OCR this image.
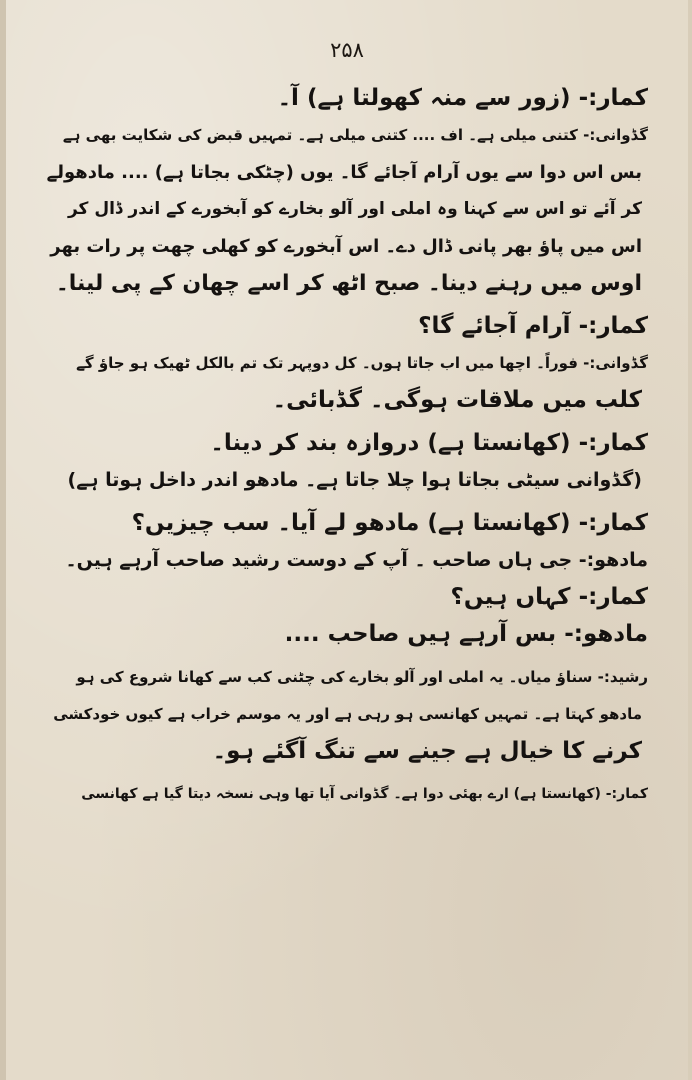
۲۵۸

کمار:- (زور سے منہ کھولتا ہے) آ۔

گڈوانی:- کتنی میلی ہے۔ اف .... کتنی میلی ہے۔ تمہیں قبض کی شکایت بھی ہے

بس اس دوا سے یوں آرام آجائے گا۔ یوں (چٹکی بجاتا ہے) .... مادھولے

کر آئے تو اس سے کہنا وہ املی اور آلو بخارے کو آبخورے کے اندر ڈال کر

اس میں پاؤ بھر پانی ڈال دے۔ اس آبخورے کو کھلی چھت پر رات بھر

اوس میں رہنے دینا۔ صبح اٹھ کر اسے چھان کے پی لینا۔

کمار:- آرام آجائے گا؟

گڈوانی:- فوراً۔ اچھا میں اب جاتا ہوں۔ کل دوپہر تک تم بالکل ٹھیک ہو جاؤ گے

کلب میں ملاقات ہوگی۔ گڈبائی۔

کمار:- (کھانستا ہے) دروازہ بند کر دینا۔

(گڈوانی سیٹی بجاتا ہوا چلا جاتا ہے۔ مادھو اندر داخل ہوتا ہے)

کمار:- (کھانستا ہے) مادھو لے آیا۔ سب چیزیں؟

مادھو:- جی ہاں صاحب ۔ آپ کے دوست رشید صاحب آرہے ہیں۔

کمار:- کہاں ہیں؟

مادھو:- بس آرہے ہیں صاحب ....

رشید:- سناؤ میاں۔ یہ املی اور آلو بخارے کی چٹنی کب سے کھانا شروع کی ہو

مادھو کہتا ہے۔ تمہیں کھانسی ہو رہی ہے اور یہ موسم خراب ہے کیوں خودکشی

کرنے کا خیال ہے جینے سے تنگ آگئے ہو۔

کمار:- (کھانستا ہے) ارے بھئی دوا ہے۔ گڈوانی آیا تھا وہی نسخہ دیتا گیا ہے کھانسی
